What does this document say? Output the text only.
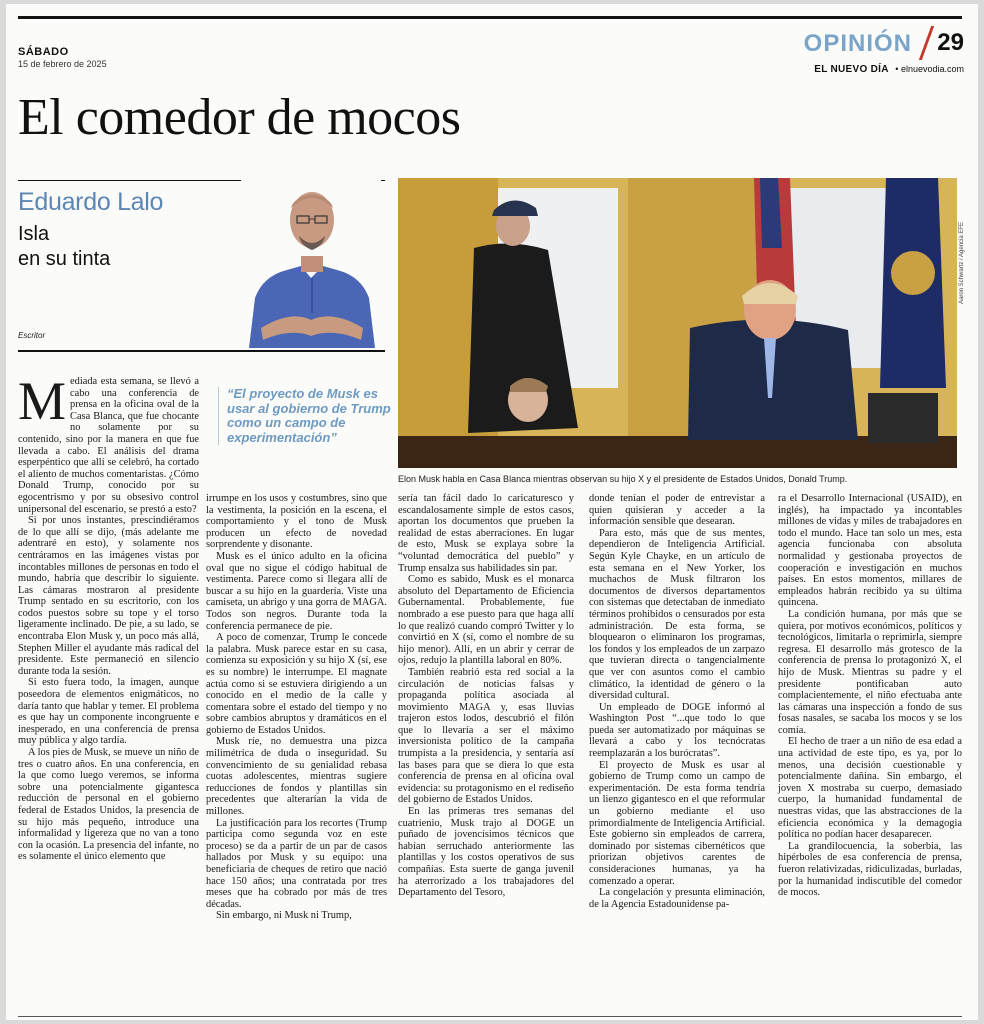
SÁBADO
15 de febrero de 2025
OPINIÓN 29
EL NUEVO DÍA • elnuevodia.com
El comedor de mocos
Eduardo Lalo
Isla
en su tinta
Escritor
Aaron Schwartz / Agencia EFE
Elon Musk habla en Casa Blanca mientras observan su hijo X y el presidente de Estados Unidos, Donald Trump.
“El proyecto de Musk es usar al gobierno de Trump como un campo de experimentación”

Mediada esta semana, se llevó a cabo una conferencia de prensa en la oficina oval de la Casa Blanca, que fue chocante no solamente por su contenido, sino por la manera en que fue llevada a cabo. El análisis del drama esperpéntico que allí se celebró, ha cortado el aliento de muchos comentaristas. ¿Cómo Donald Trump, conocido por su egocentrismo y por su obsesivo control unipersonal del escenario, se prestó a esto?

Si por unos instantes, prescindiéramos de lo que allí se dijo, (más adelante me adentraré en esto), y solamente nos centráramos en las imágenes vistas por incontables millones de personas en todo el mundo, habría que describir lo siguiente. Las cámaras mostraron al presidente Trump sentado en su escritorio, con los codos puestos sobre su tope y el torso ligeramente inclinado. De pie, a su lado, se encontraba Elon Musk y, un poco más allá, Stephen Miller el ayudante más radical del presidente. Este permaneció en silencio durante toda la sesión.

Si esto fuera todo, la imagen, aunque poseedora de elementos enigmáticos, no daría tanto que hablar y temer. El problema es que hay un componente incongruente e inesperado, en una conferencia de prensa muy pública y algo tardía.

A los pies de Musk, se mueve un niño de tres o cuatro años. En una conferencia, en la que como luego veremos, se informa sobre una potencialmente gigantesca reducción de personal en el gobierno federal de Estados Unidos, la presencia de su hijo más pequeño, introduce una informalidad y ligereza que no van a tono con la ocasión. La presencia del infante, no es solamente el único elemento que

irrumpe en los usos y costumbres, sino que la vestimenta, la posición en la escena, el comportamiento y el tono de Musk producen un efecto de novedad sorprendente y disonante.

Musk es el único adulto en la oficina oval que no sigue el código habitual de vestimenta. Parece como si llegara allí de buscar a su hijo en la guardería. Viste una camiseta, un abrigo y una gorra de MAGA. Todos son negros. Durante toda la conferencia permanece de pie.

A poco de comenzar, Trump le concede la palabra. Musk parece estar en su casa, comienza su exposición y su hijo X (sí, ese es su nombre) le interrumpe. El magnate actúa como si se estuviera dirigiendo a un conocido en el medio de la calle y comentara sobre el estado del tiempo y no sobre cambios abruptos y dramáticos en el gobierno de Estados Unidos.

Musk ríe, no demuestra una pizca milimétrica de duda o inseguridad. Su convencimiento de su genialidad rebasa cuotas adolescentes, mientras sugiere reducciones de fondos y plantillas sin precedentes que alterarían la vida de millones.

La justificación para los recortes (Trump participa como segunda voz en este proceso) se da a partir de un par de casos hallados por Musk y su equipo: una beneficiaria de cheques de retiro que nació hace 150 años; una contratada por tres meses que ha cobrado por más de tres décadas.

Sin embargo, ni Musk ni Trump,

sería tan fácil dado lo caricaturesco y escandalosamente simple de estos casos, aportan los documentos que prueben la realidad de estas aberraciones. En lugar de esto, Musk se explaya sobre la “voluntad democrática del pueblo” y Trump ensalza sus habilidades sin par.

Como es sabido, Musk es el monarca absoluto del Departamento de Eficiencia Gubernamental. Probablemente, fue nombrado a ese puesto para que haga allí lo que realizó cuando compró Twitter y lo convirtió en X (sí, como el nombre de su hijo menor). Allí, en un abrir y cerrar de ojos, redujo la plantilla laboral en 80%.

También reabrió esta red social a la circulación de noticias falsas y propaganda política asociada al movimiento MAGA y, esas lluvias trajeron estos lodos, descubrió el filón que lo llevaría a ser el máximo inversionista político de la campaña trumpista a la presidencia, y sentaría así las bases para que se diera lo que esta conferencia de prensa en al oficina oval evidencia: su protagonismo en el rediseño del gobierno de Estados Unidos.

En las primeras tres semanas del cuatrienio, Musk trajo al DOGE un puñado de jovencísimos técnicos que habían serruchado anteriormente las plantillas y los costos operativos de sus compañías. Esta suerte de ganga juvenil ha aterrorizado a los trabajadores del Departamento del Tesoro,

donde tenían el poder de entrevistar a quien quisieran y acceder a la información sensible que desearan.

Para esto, más que de sus mentes, dependieron de Inteligencia Artificial. Según Kyle Chayke, en un artículo de esta semana en el New Yorker, los muchachos de Musk filtraron los documentos de diversos departamentos con sistemas que detectaban de inmediato términos prohibidos o censurados por esta administración. De esta forma, se bloquearon o eliminaron los programas, los fondos y los empleados de un zarpazo que tuvieran directa o tangencialmente que ver con asuntos como el cambio climático, la identidad de género o la diversidad cultural.

Un empleado de DOGE informó al Washington Post “...que todo lo que pueda ser automatizado por máquinas se llevará a cabo y los tecnócratas reemplazarán a los burócratas”.

El proyecto de Musk es usar al gobierno de Trump como un campo de experimentación. De esta forma tendría un lienzo gigantesco en el que reformular un gobierno mediante el uso primordialmente de Inteligencia Artificial. Este gobierno sin empleados de carrera, dominado por sistemas cibernéticos que priorizan objetivos carentes de consideraciones humanas, ya ha comenzado a operar.

La congelación y presunta eliminación, de la Agencia Estadounidense pa-

ra el Desarrollo Internacional (USAID), en inglés), ha impactado ya incontables millones de vidas y miles de trabajadores en todo el mundo. Hace tan solo un mes, esta agencia funcionaba con absoluta normalidad y gestionaba proyectos de cooperación e investigación en muchos países. En estos momentos, millares de empleados habrán recibido ya su última quincena.

La condición humana, por más que se quiera, por motivos económicos, políticos y tecnológicos, limitarla o reprimirla, siempre regresa. El desarrollo más grotesco de la conferencia de prensa lo protagonizó X, el hijo de Musk. Mientras su padre y el presidente pontificaban auto complacientemente, el niño efectuaba ante las cámaras una inspección a fondo de sus fosas nasales, se sacaba los mocos y se los comía.

El hecho de traer a un niño de esa edad a una actividad de este tipo, es ya, por lo menos, una decisión cuestionable y potencialmente dañina. Sin embargo, el joven X mostraba su cuerpo, demasiado cuerpo, la humanidad fundamental de nuestras vidas, que las abstracciones de la eficiencia económica y la demagogia política no podían hacer desaparecer.

La grandilocuencia, la soberbia, las hipérboles de esa conferencia de prensa, fueron relativizadas, ridiculizadas, burladas, por la humanidad indiscutible del comedor de mocos.
